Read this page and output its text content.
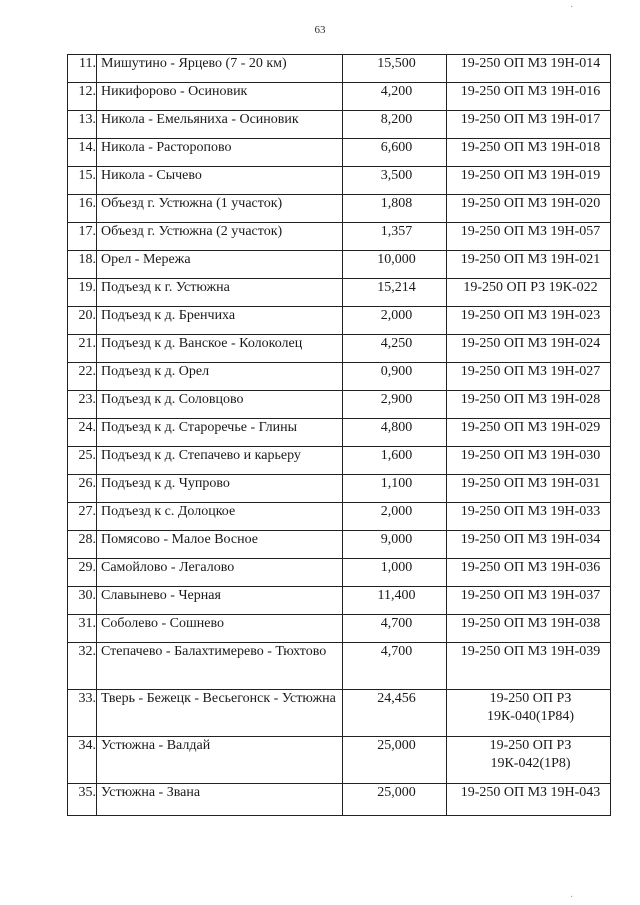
63
·
·
11.	Мишутино - Ярцево (7 - 20 км)	15,500	19-250 ОП МЗ 19Н-014
12.	Никифорово - Осиновик	4,200	19-250 ОП МЗ 19Н-016
13.	Никола - Емельяниха - Осиновик	8,200	19-250 ОП МЗ 19Н-017
14.	Никола - Расторопово	6,600	19-250 ОП МЗ 19Н-018
15.	Никола - Сычево	3,500	19-250 ОП МЗ 19Н-019
16.	Объезд г. Устюжна (1 участок)	1,808	19-250 ОП МЗ 19Н-020
17.	Объезд г. Устюжна (2 участок)	1,357	19-250 ОП МЗ 19Н-057
18.	Орел - Мережа	10,000	19-250 ОП МЗ 19Н-021
19.	Подъезд к г. Устюжна	15,214	19-250 ОП РЗ 19К-022
20.	Подъезд к д. Бренчиха	2,000	19-250 ОП МЗ 19Н-023
21.	Подъезд к д. Ванское - Колоколец	4,250	19-250 ОП МЗ 19Н-024
22.	Подъезд к д. Орел	0,900	19-250 ОП МЗ 19Н-027
23.	Подъезд к д. Соловцово	2,900	19-250 ОП МЗ 19Н-028
24.	Подъезд к д. Староречье - Глины	4,800	19-250 ОП МЗ 19Н-029
25.	Подъезд к д. Степачево и карьеру	1,600	19-250 ОП МЗ 19Н-030
26.	Подъезд к д. Чупрово	1,100	19-250 ОП МЗ 19Н-031
27.	Подъезд к с. Долоцкое	2,000	19-250 ОП МЗ 19Н-033
28.	Помясово - Малое Восное	9,000	19-250 ОП МЗ 19Н-034
29.	Самойлово - Легалово	1,000	19-250 ОП МЗ 19Н-036
30.	Славынево - Черная	11,400	19-250 ОП МЗ 19Н-037
31.	Соболево - Сошнево	4,700	19-250 ОП МЗ 19Н-038
32.	Степачево - Балахтимерево - Тюхтово	4,700	19-250 ОП МЗ 19Н-039
33.	Тверь - Бежецк - Весьегонск - Устюжна	24,456	19-250 ОП РЗ 19К-040(1Р84)
34.	Устюжна - Валдай	25,000	19-250 ОП РЗ 19К-042(1Р8)
35.	Устюжна - Звана	25,000	19-250 ОП МЗ 19Н-043
